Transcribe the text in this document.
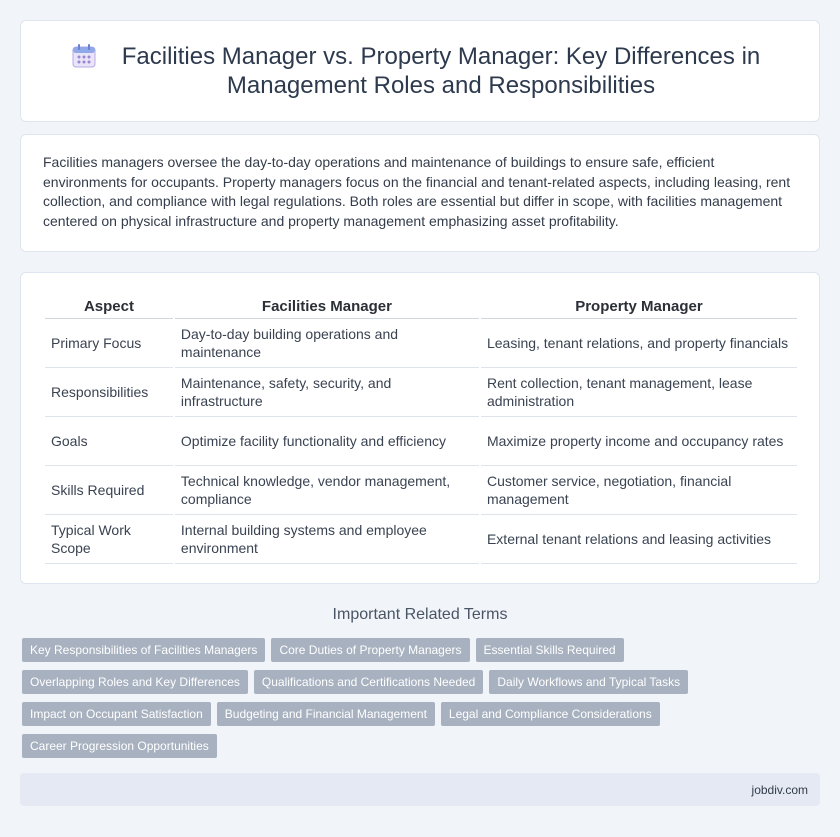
Facilities Manager vs. Property Manager: Key Differences in Management Roles and Responsibilities

Facilities managers oversee the day-to-day operations and maintenance of buildings to ensure safe, efficient environments for occupants. Property managers focus on the financial and tenant-related aspects, including leasing, rent collection, and compliance with legal regulations. Both roles are essential but differ in scope, with facilities management centered on physical infrastructure and property management emphasizing asset profitability.

Aspect	Facilities Manager	Property Manager
Primary Focus	Day-to-day building operations and maintenance	Leasing, tenant relations, and property financials
Responsibilities	Maintenance, safety, security, and infrastructure	Rent collection, tenant management, lease administration
Goals	Optimize facility functionality and efficiency	Maximize property income and occupancy rates
Skills Required	Technical knowledge, vendor management, compliance	Customer service, negotiation, financial management
Typical Work Scope	Internal building systems and employee environment	External tenant relations and leasing activities
Important Related Terms
Key Responsibilities of Facilities Managers	Core Duties of Property Managers	Essential Skills Required
Overlapping Roles and Key Differences	Qualifications and Certifications Needed	Daily Workflows and Typical Tasks
Impact on Occupant Satisfaction	Budgeting and Financial Management	Legal and Compliance Considerations
Career Progression Opportunities
jobdiv.com
